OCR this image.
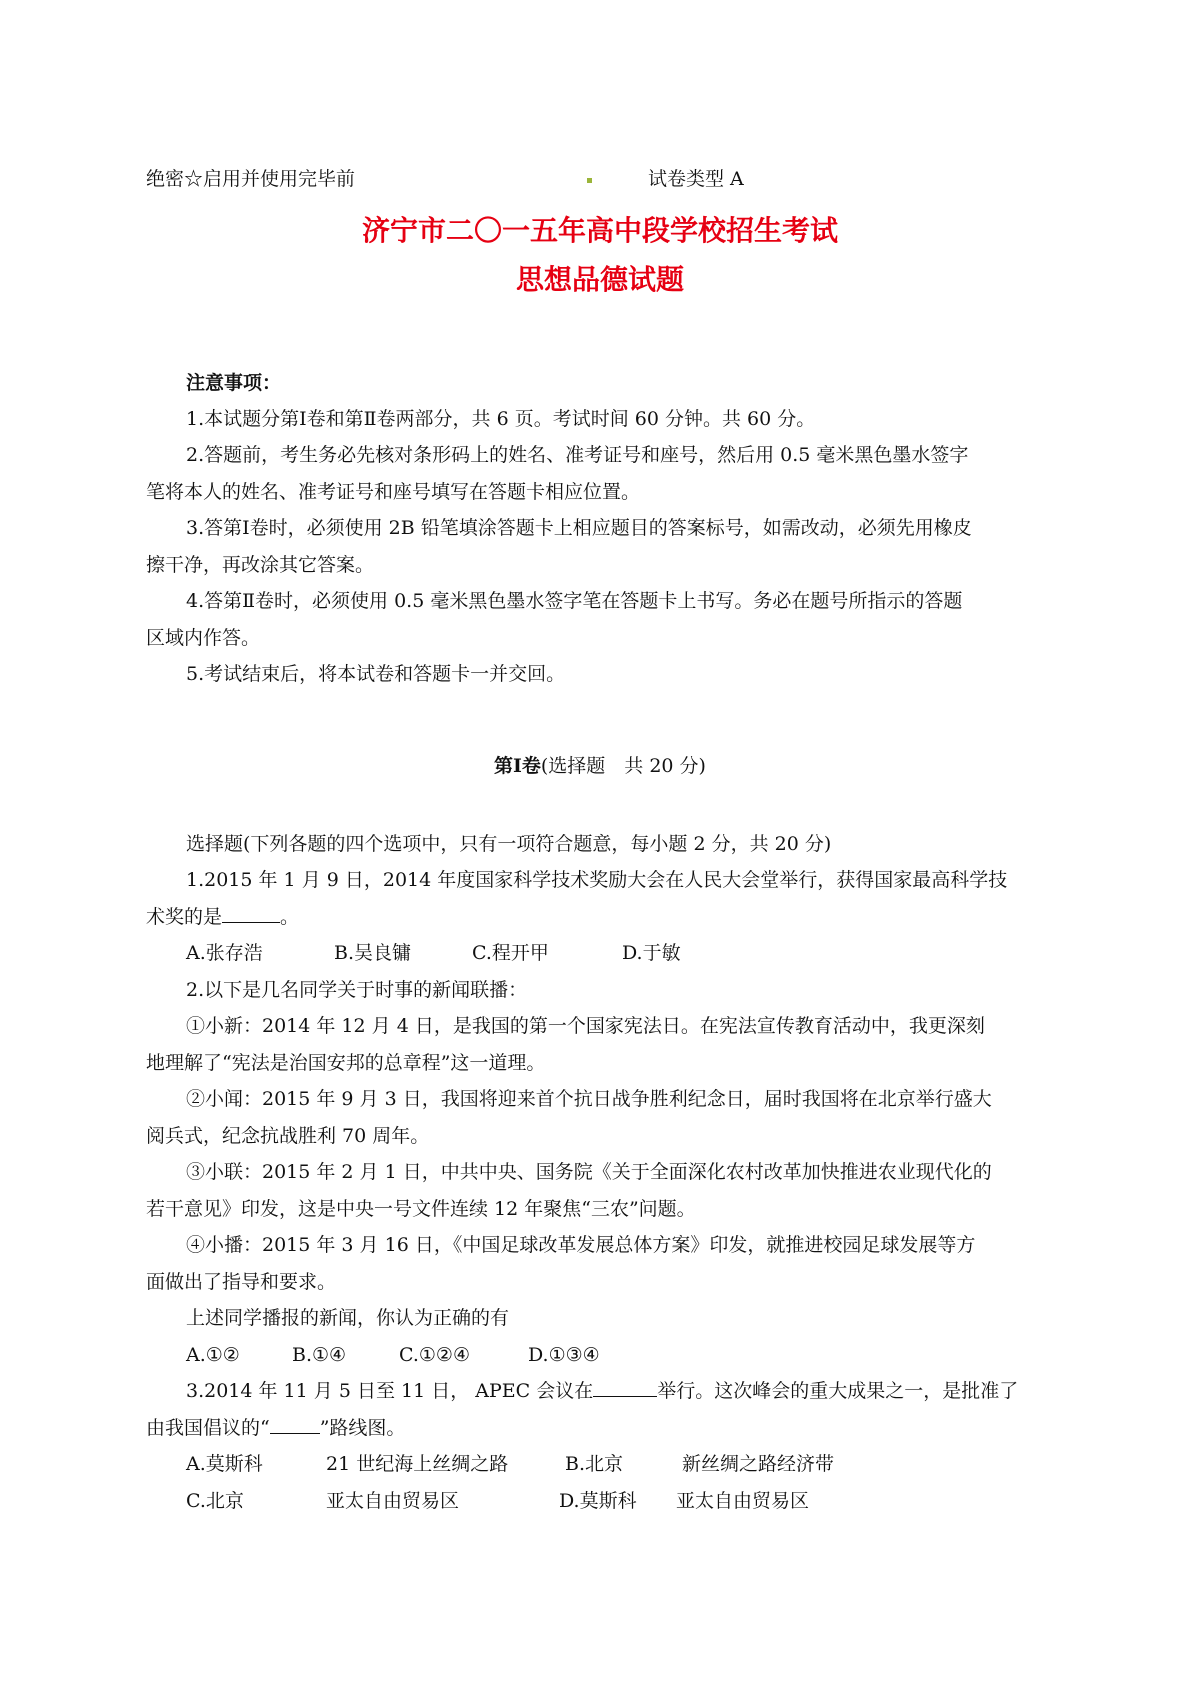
绝密☆启用并使用完毕前	试卷类型 A
济宁市二〇一五年高中段学校招生考试
思想品德试题
注意事项：
1.本试题分第Ⅰ卷和第Ⅱ卷两部分，共 6 页。考试时间 60 分钟。共 60 分。
2.答题前，考生务必先核对条形码上的姓名、准考证号和座号，然后用 0.5 毫米黑色墨水签字
笔将本人的姓名、准考证号和座号填写在答题卡相应位置。
3.答第Ⅰ卷时，必须使用 2B 铅笔填涂答题卡上相应题目的答案标号，如需改动，必须先用橡皮
擦干净，再改涂其它答案。
4.答第Ⅱ卷时，必须使用 0.5 毫米黑色墨水签字笔在答题卡上书写。务必在题号所指示的答题
区域内作答。
5.考试结束后，将本试卷和答题卡一并交回。
第Ⅰ卷(选择题　共 20 分)
选择题(下列各题的四个选项中，只有一项符合题意，每小题 2 分，共 20 分)
1.2015 年 1 月 9 日，2014 年度国家科学技术奖励大会在人民大会堂举行，获得国家最高科学技
术奖的是	。
A.张存浩	B.吴良镛	C.程开甲	D.于敏
2.以下是几名同学关于时事的新闻联播：
①小新：2014 年 12 月 4 日，是我国的第一个国家宪法日。在宪法宣传教育活动中，我更深刻
地理解了“宪法是治国安邦的总章程”这一道理。
②小闻：2015 年 9 月 3 日，我国将迎来首个抗日战争胜利纪念日，届时我国将在北京举行盛大
阅兵式，纪念抗战胜利 70 周年。
③小联：2015 年 2 月 1 日，中共中央、国务院《关于全面深化农村改革加快推进农业现代化的
若干意见》印发，这是中央一号文件连续 12 年聚焦“三农”问题。
④小播：2015 年 3 月 16 日，《中国足球改革发展总体方案》印发，就推进校园足球发展等方
面做出了指导和要求。
上述同学播报的新闻，你认为正确的有
A.①②	B.①④	C.①②④	D.①③④
3.2014 年 11 月 5 日至 11 日， APEC 会议在	举行。这次峰会的重大成果之一，是批准了
由我国倡议的“	”路线图。
A.莫斯科	21 世纪海上丝绸之路	B.北京	新丝绸之路经济带
C.北京	亚太自由贸易区	D.莫斯科 亚太自由贸易区
